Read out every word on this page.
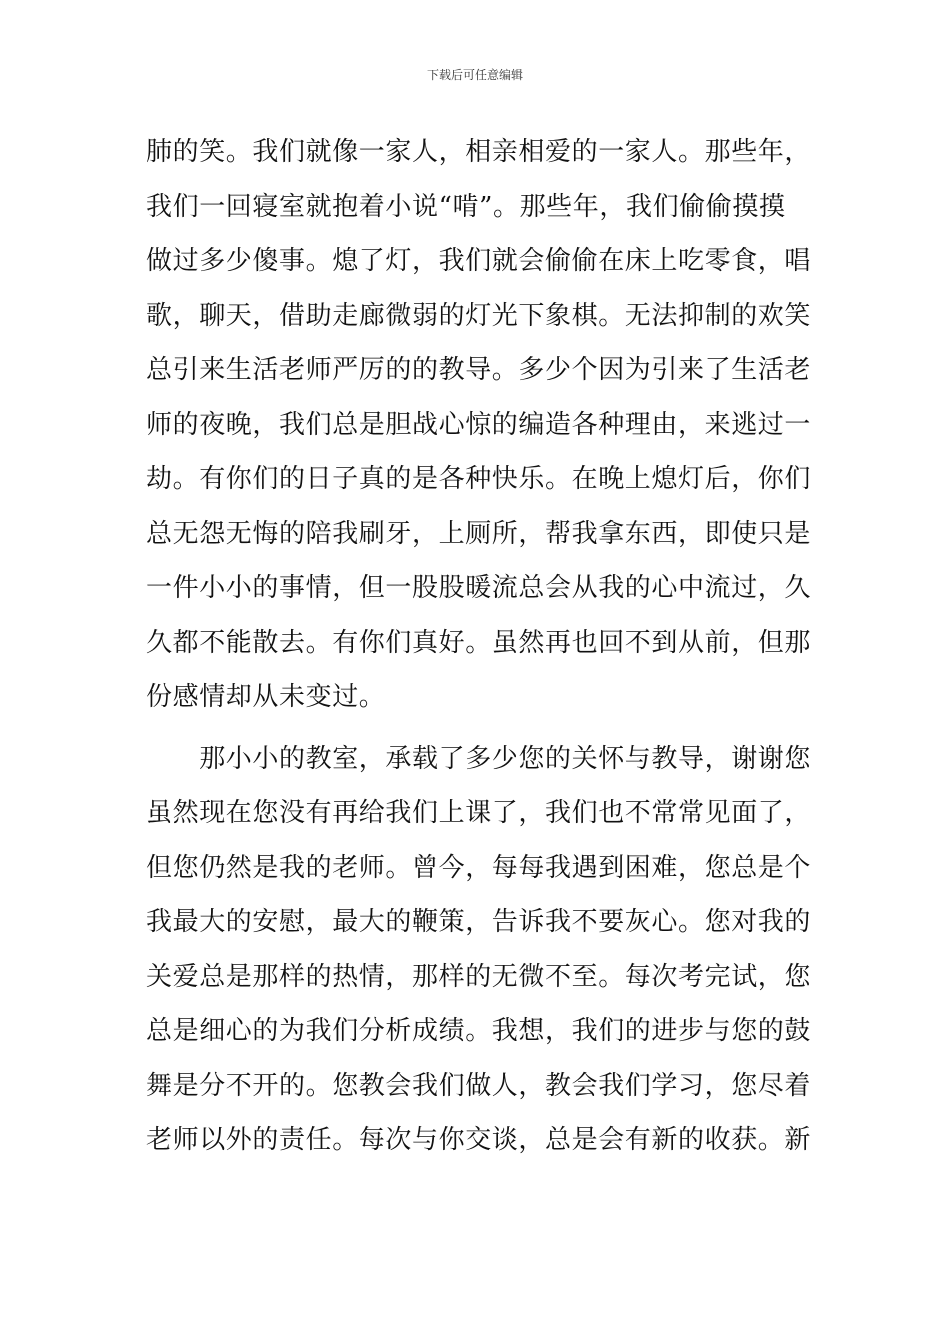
下载后可任意编辑
肺的笑。我们就像一家人，相亲相爱的一家人。那些年，
我们一回寝室就抱着小说“啃”。那些年，我们偷偷摸摸
做过多少傻事。熄了灯，我们就会偷偷在床上吃零食，唱
歌，聊天，借助走廊微弱的灯光下象棋。无法抑制的欢笑
总引来生活老师严厉的的教导。多少个因为引来了生活老
师的夜晚，我们总是胆战心惊的编造各种理由，来逃过一
劫。有你们的日子真的是各种快乐。在晚上熄灯后，你们
总无怨无悔的陪我刷牙，上厕所，帮我拿东西，即使只是
一件小小的事情，但一股股暖流总会从我的心中流过，久
久都不能散去。有你们真好。虽然再也回不到从前，但那
份感情却从未变过。
　　那小小的教室，承载了多少您的关怀与教导，谢谢您
虽然现在您没有再给我们上课了，我们也不常常见面了，
但您仍然是我的老师。曾今，每每我遇到困难，您总是个
我最大的安慰，最大的鞭策，告诉我不要灰心。您对我的
关爱总是那样的热情，那样的无微不至。每次考完试，您
总是细心的为我们分析成绩。我想，我们的进步与您的鼓
舞是分不开的。您教会我们做人，教会我们学习，您尽着
老师以外的责任。每次与你交谈，总是会有新的收获。新
